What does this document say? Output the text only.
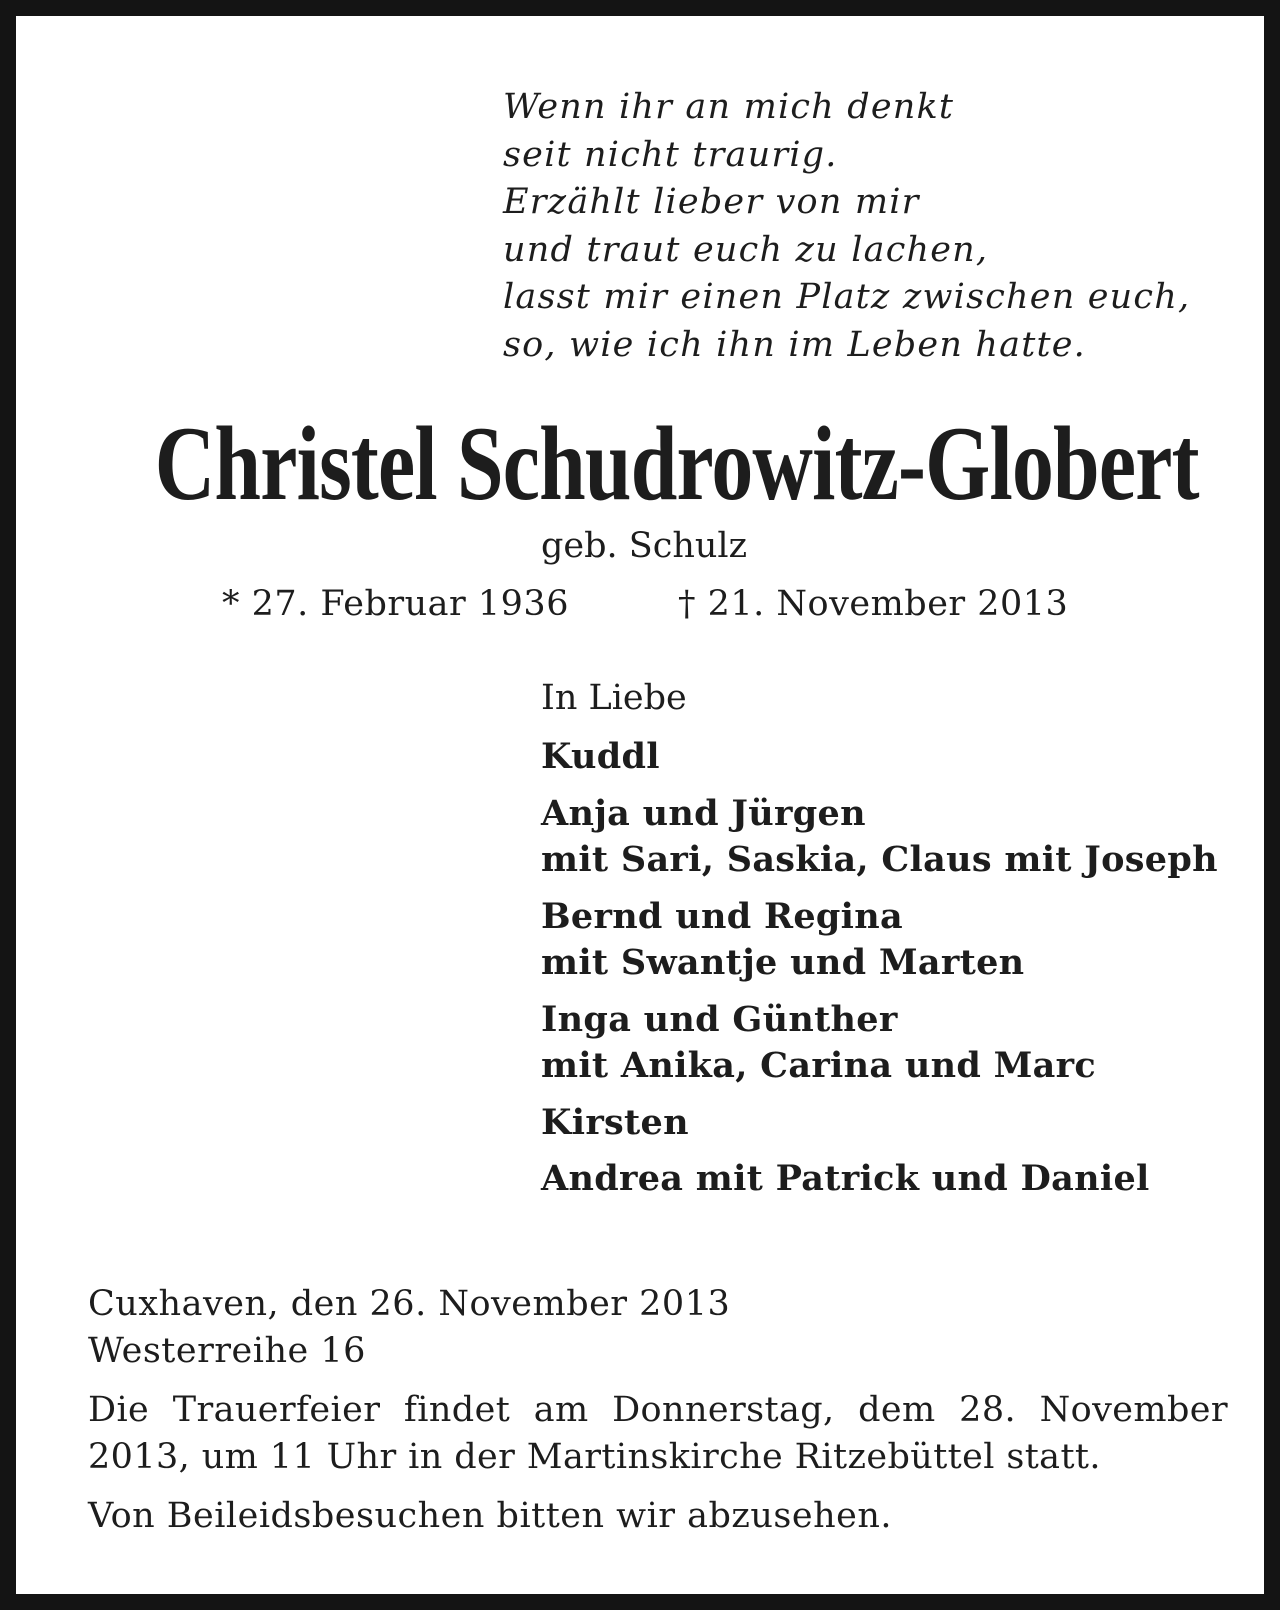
Wenn ihr an mich denkt
seit nicht traurig.
Erzählt lieber von mir
und traut euch zu lachen,
lasst mir einen Platz zwischen euch,
so, wie ich ihn im Leben hatte.
Christel Schudrowitz-Globert
geb. Schulz
* 27. Februar 1936	† 21. November 2013
In Liebe
Kuddl
Anja und Jürgen
mit Sari, Saskia, Claus mit Joseph
Bernd und Regina
mit Swantje und Marten
Inga und Günther
mit Anika, Carina und Marc
Kirsten
Andrea mit Patrick und Daniel

Cuxhaven, den 26. November 2013
Westerreihe 16

Die Trauerfeier findet am Donnerstag, dem 28. November 2013, um 11 Uhr in der Martinskirche Ritzebüttel statt.

Von Beileidsbesuchen bitten wir abzusehen.
